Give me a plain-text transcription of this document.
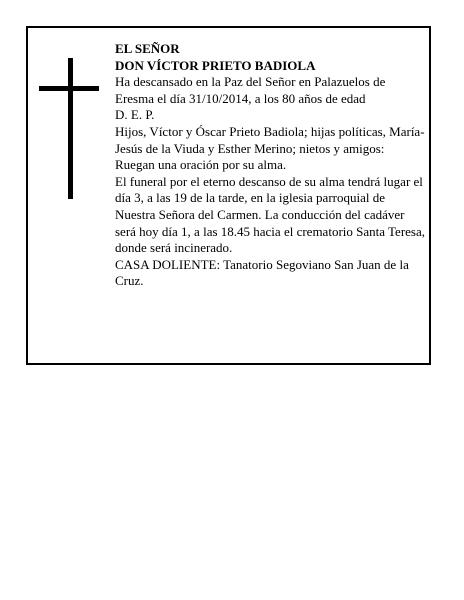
EL SEÑOR

DON VÍCTOR PRIETO BADIOLA

Ha descansado en la Paz del Señor en Palazuelos de Eresma el día 31/10/2014, a los 80 años de edad

D. E. P.

Hijos, Víctor y Óscar Prieto Badiola; hijas políticas, María-Jesús de la Viuda y Esther Merino; nietos y amigos:

Ruegan una oración por su alma.

El funeral por el eterno descanso de su alma tendrá lugar el día 3, a las 19 de la tarde, en la iglesia parroquial de Nuestra Señora del Carmen. La conducción del cadáver será hoy día 1, a las 18.45 hacia el crematorio Santa Teresa, donde será incinerado.

CASA DOLIENTE: Tanatorio Segoviano San Juan de la Cruz.
